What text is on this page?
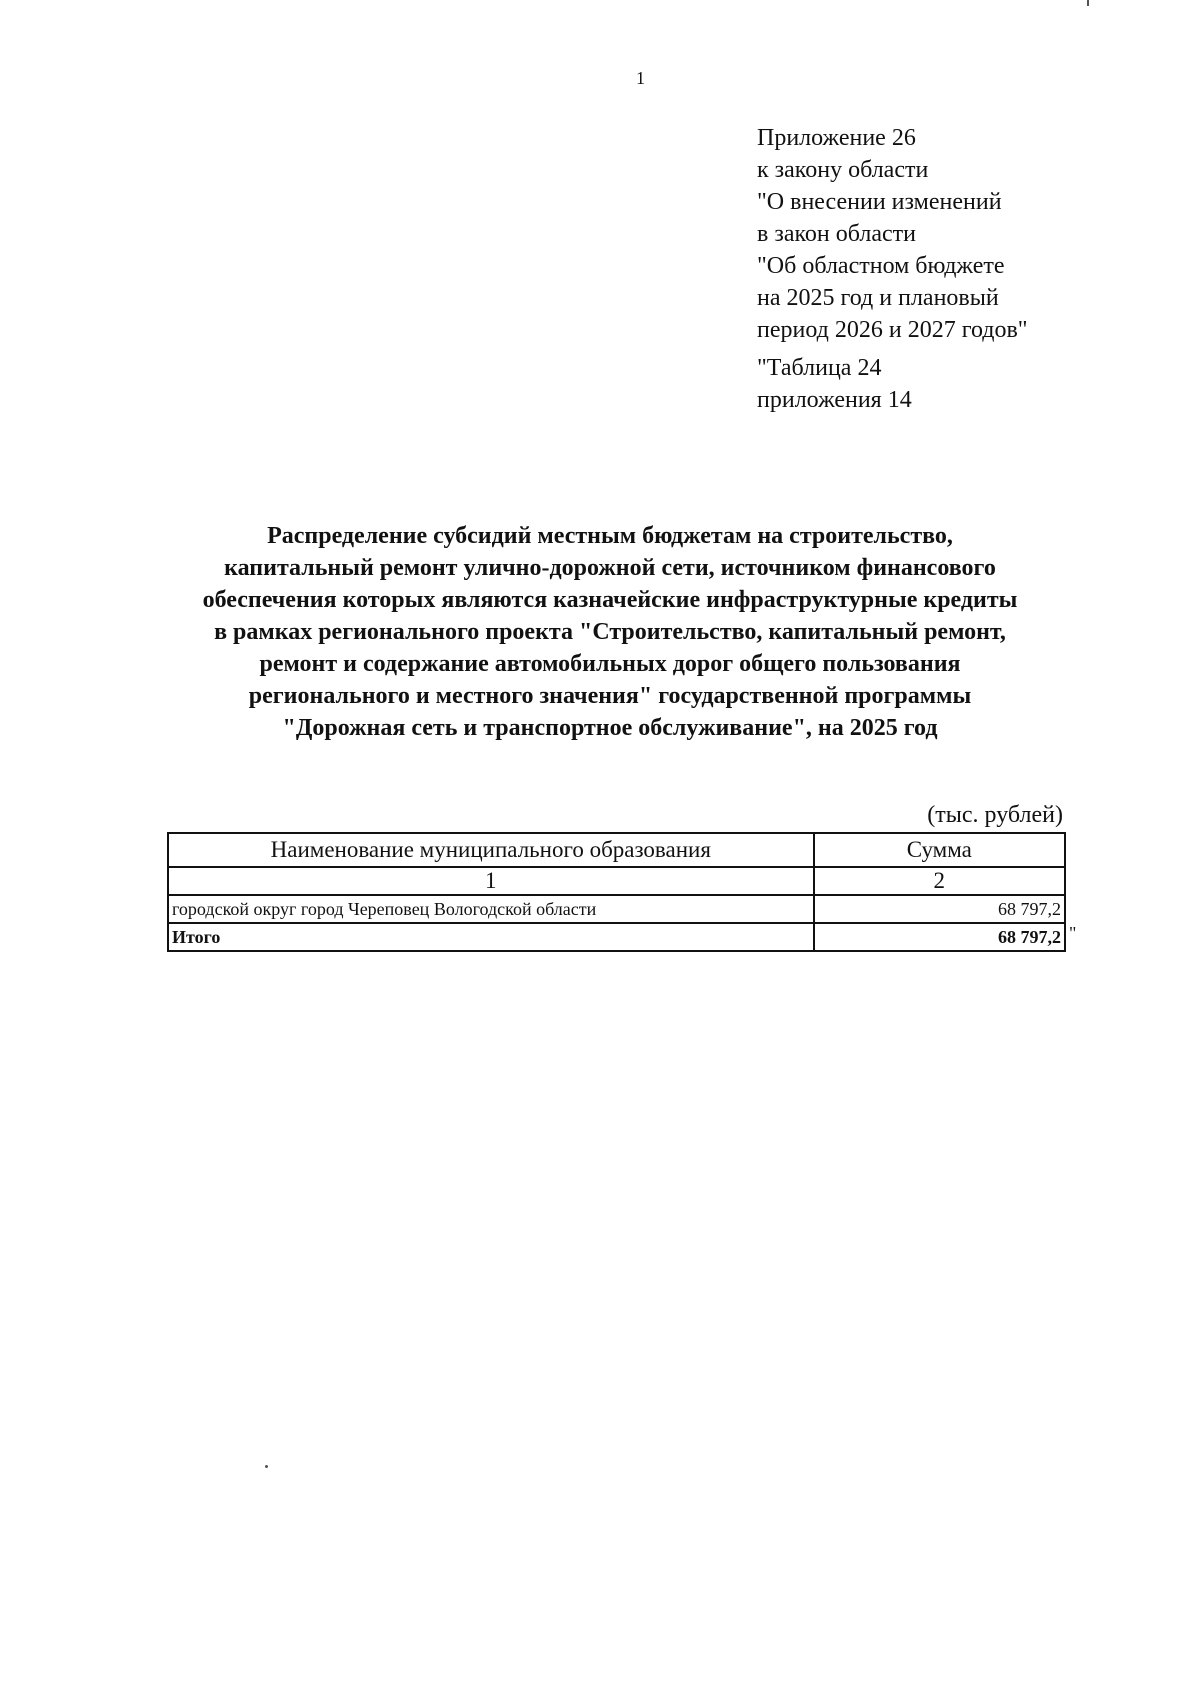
1
Приложение 26
к закону области
"О внесении изменений
в закон области
"Об областном бюджете
на 2025 год и плановый
период 2026 и 2027 годов"
"Таблица 24
приложения 14
Распределение субсидий местным бюджетам на строительство,
капитальный ремонт улично-дорожной сети, источником финансового
обеспечения которых являются казначейские инфраструктурные кредиты
в рамках регионального проекта "Строительство, капитальный ремонт,
ремонт и содержание автомобильных дорог общего пользования
регионального и местного значения" государственной программы
"Дорожная сеть и транспортное обслуживание", на 2025 год
(тыс. рублей)
Наименование муниципального образования	Сумма
1	2
городской округ город Череповец Вологодской области	68 797,2
Итого	68 797,2 "
